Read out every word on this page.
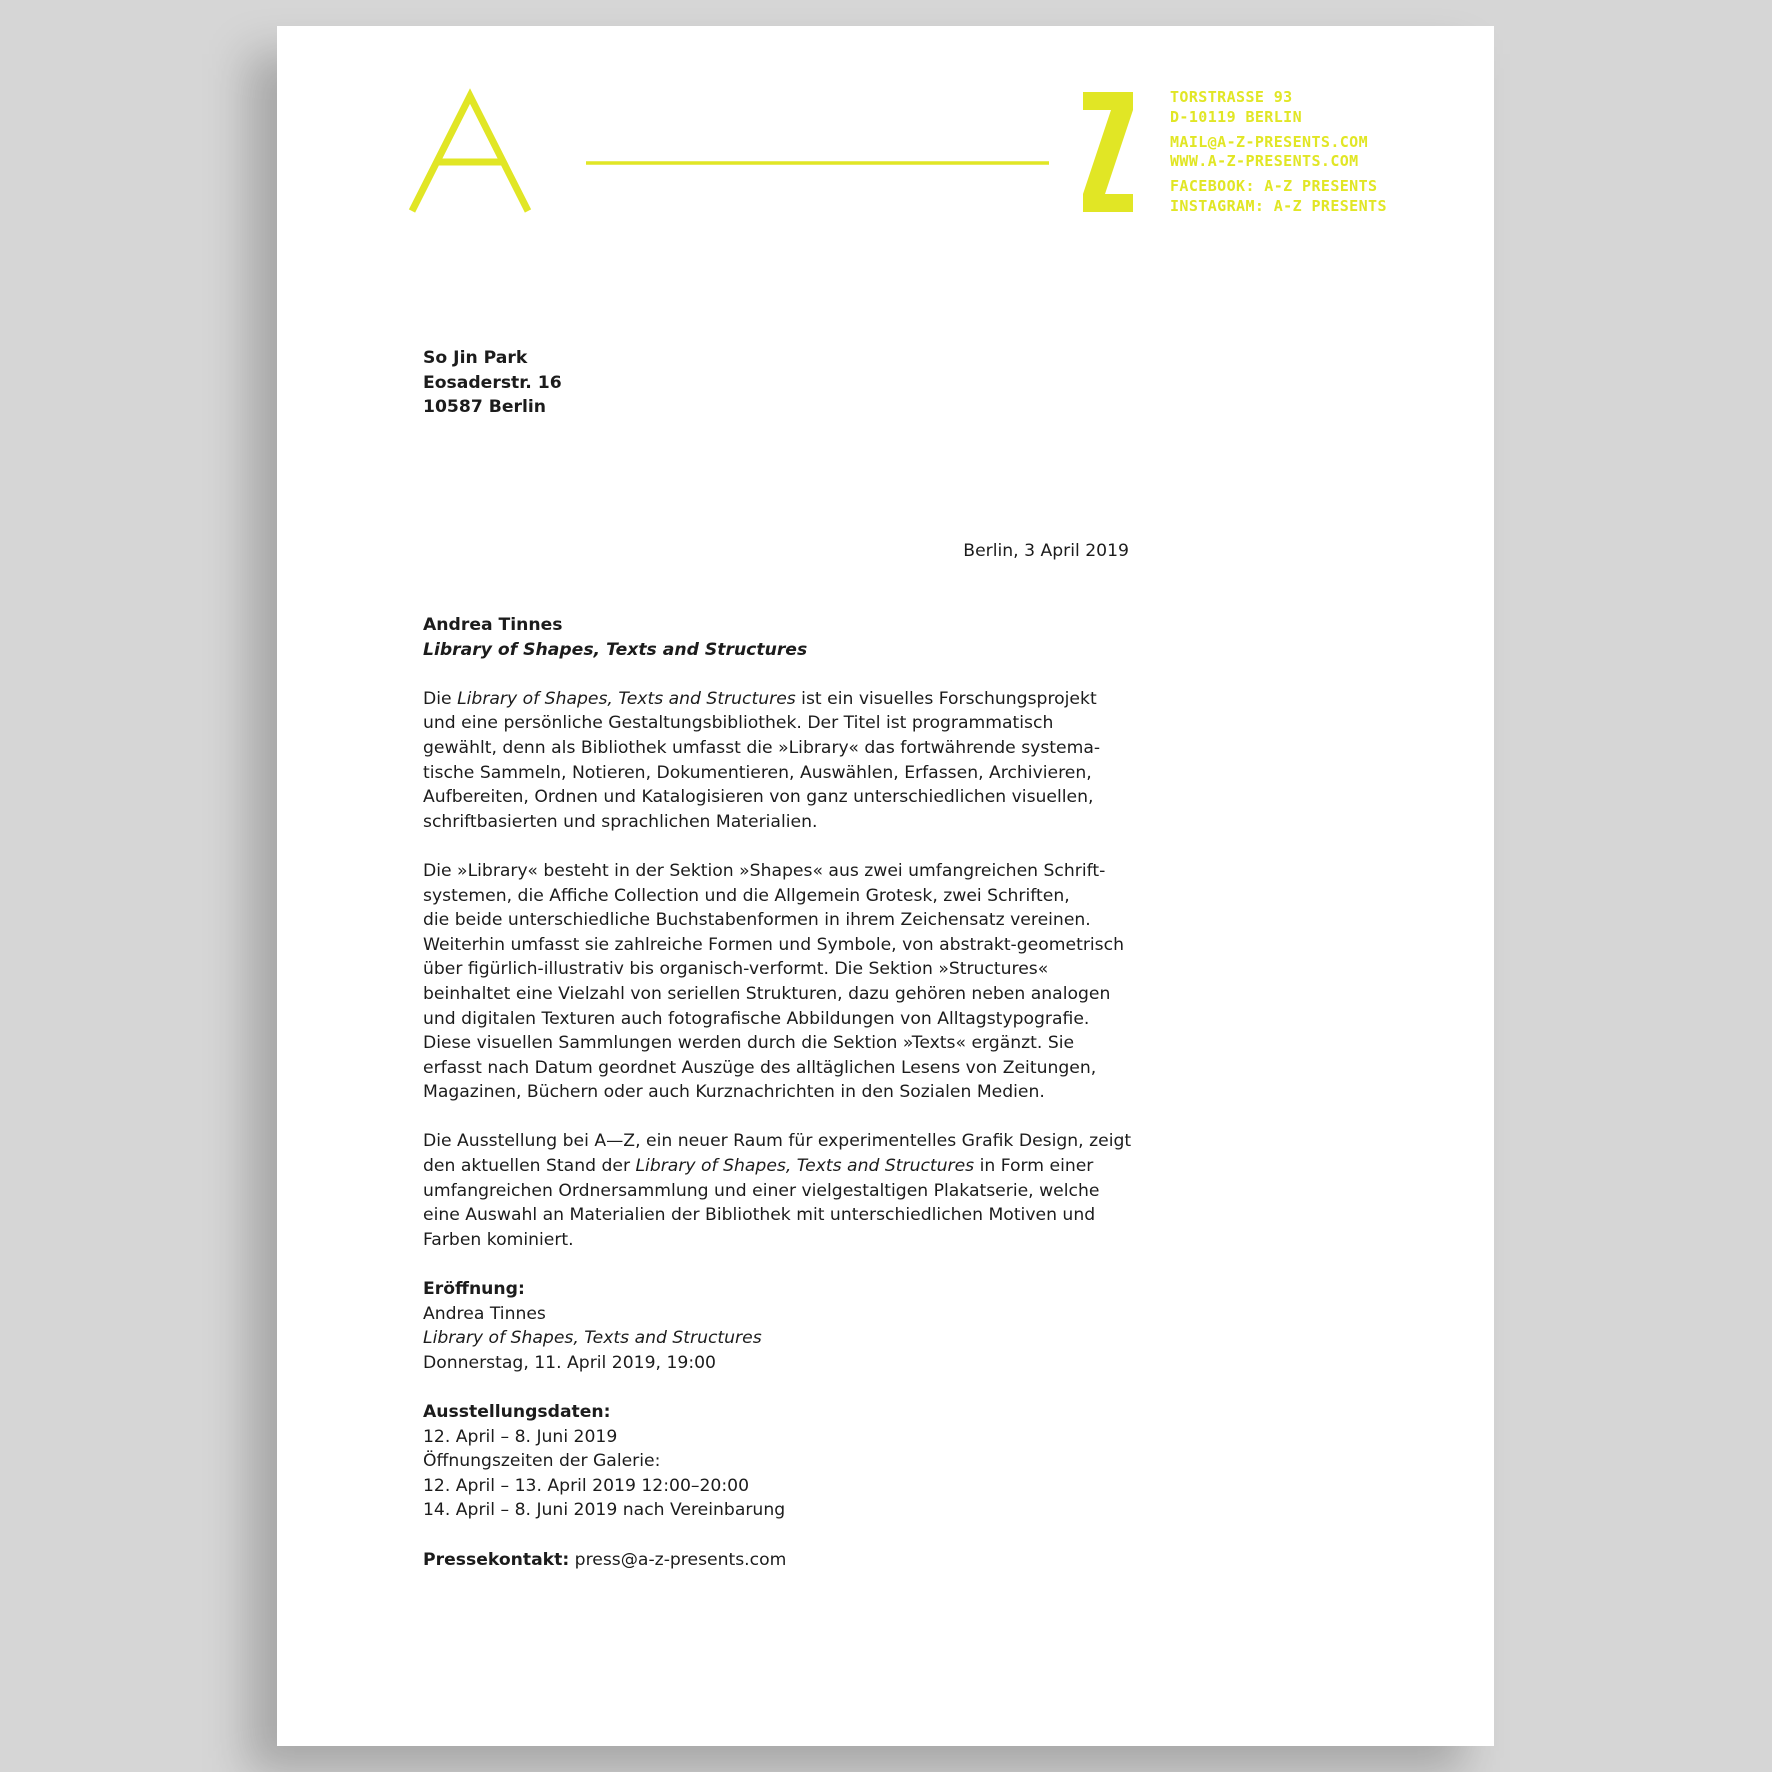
TORSTRASSE 93
D-10119 BERLIN
MAIL@A-Z-PRESENTS.COM
WWW.A-Z-PRESENTS.COM
FACEBOOK: A-Z PRESENTS
INSTAGRAM: A-Z PRESENTS
So Jin Park
Eosaderstr. 16
10587 Berlin
Berlin, 3 April 2019
Andrea Tinnes
Library of Shapes, Texts and Structures
Die Library of Shapes, Texts and Structures ist ein visuelles Forschungsprojekt
und eine persönliche Gestaltungsbibliothek. Der Titel ist programmatisch
gewählt, denn als Bibliothek umfasst die »Library« das fortwährende systema-
tische Sammeln, Notieren, Dokumentieren, Auswählen, Erfassen, Archivieren,
Aufbereiten, Ordnen und Katalogisieren von ganz unterschiedlichen visuellen,
schriftbasierten und sprachlichen Materialien.
Die »Library« besteht in der Sektion »Shapes« aus zwei umfangreichen Schrift-
systemen, die Affiche Collection und die Allgemein Grotesk, zwei Schriften,
die beide unterschiedliche Buchstabenformen in ihrem Zeichensatz vereinen.
Weiterhin umfasst sie zahlreiche Formen und Symbole, von abstrakt-geometrisch
über figürlich-illustrativ bis organisch-verformt. Die Sektion »Structures«
beinhaltet eine Vielzahl von seriellen Strukturen, dazu gehören neben analogen
und digitalen Texturen auch fotografische Abbildungen von Alltagstypografie.
Diese visuellen Sammlungen werden durch die Sektion »Texts« ergänzt. Sie
erfasst nach Datum geordnet Auszüge des alltäglichen Lesens von Zeitungen,
Magazinen, Büchern oder auch Kurznachrichten in den Sozialen Medien.
Die Ausstellung bei A—Z, ein neuer Raum für experimentelles Grafik Design, zeigt
den aktuellen Stand der Library of Shapes, Texts and Structures in Form einer
umfangreichen Ordnersammlung und einer vielgestaltigen Plakatserie, welche
eine Auswahl an Materialien der Bibliothek mit unterschiedlichen Motiven und
Farben kominiert.
Eröffnung:
Andrea Tinnes
Library of Shapes, Texts and Structures
Donnerstag, 11. April 2019, 19:00
Ausstellungsdaten:
12. April – 8. Juni 2019
Öffnungszeiten der Galerie:
12. April – 13. April 2019 12:00–20:00
14. April – 8. Juni 2019 nach Vereinbarung
Pressekontakt: press@a-z-presents.com
